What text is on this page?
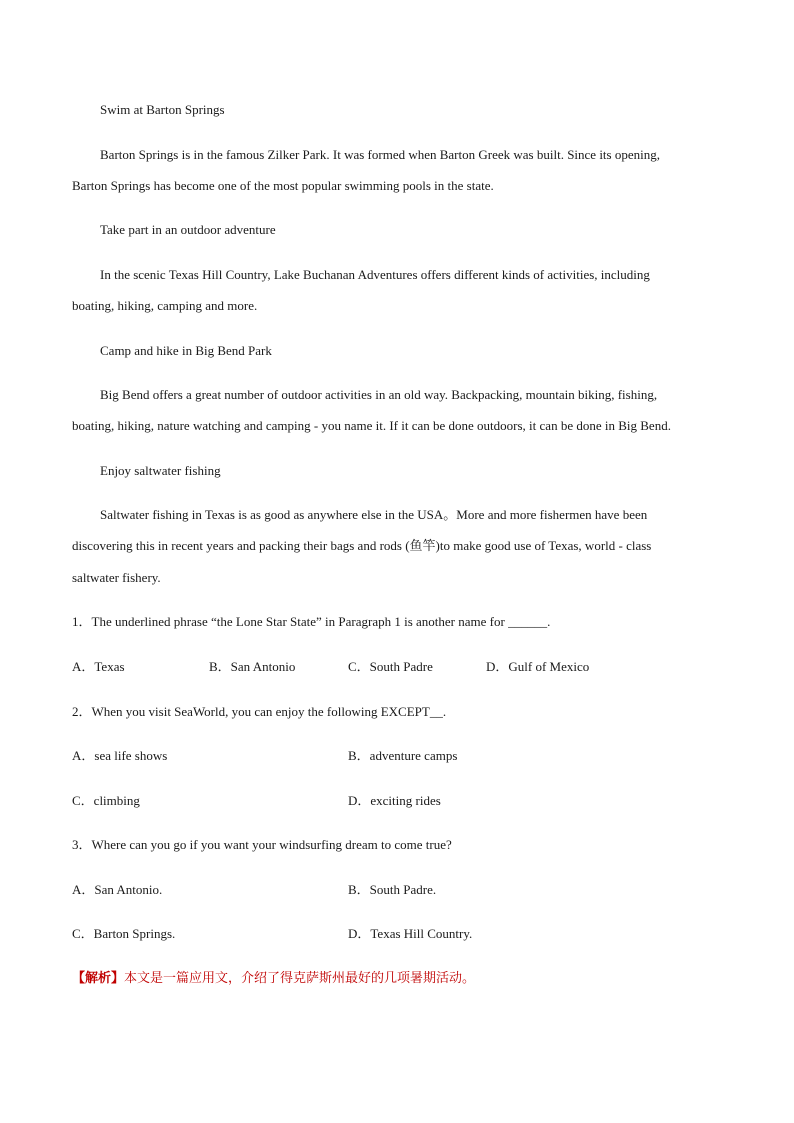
Swim at Barton Springs
Barton Springs is in the famous Zilker Park. It was formed when Barton Greek was built. Since its opening,
Barton Springs has become one of the most popular swimming pools in the state.
Take part in an outdoor adventure
In the scenic Texas Hill Country, Lake Buchanan Adventures offers different kinds of activities, including
boating, hiking, camping and more.
Camp and hike in Big Bend Park
Big Bend offers a great number of outdoor activities in an old way. Backpacking, mountain biking, fishing,
boating, hiking, nature watching and camping - you name it. If it can be done outdoors, it can be done in Big Bend.
Enjoy saltwater fishing
Saltwater fishing in Texas is as good as anywhere else in the USA。More and more fishermen have been
discovering this in recent years and packing their bags and rods (鱼竿)to make good use of Texas, world - class
saltwater fishery.
1．The underlined phrase “the Lone Star State” in Paragraph 1 is another name for ______.
A．Texas	B．San Antonio	C．South Padre	D．Gulf of Mexico
2．When you visit SeaWorld, you can enjoy the following EXCEPT__.
A．sea life shows	B．adventure camps
C．climbing	D．exciting rides
3．Where can you go if you want your windsurfing dream to come true?
A．San Antonio.	B．South Padre.
C．Barton Springs.	D．Texas Hill Country.
【解析】本文是一篇应用文，介绍了得克萨斯州最好的几项暑期活动。
